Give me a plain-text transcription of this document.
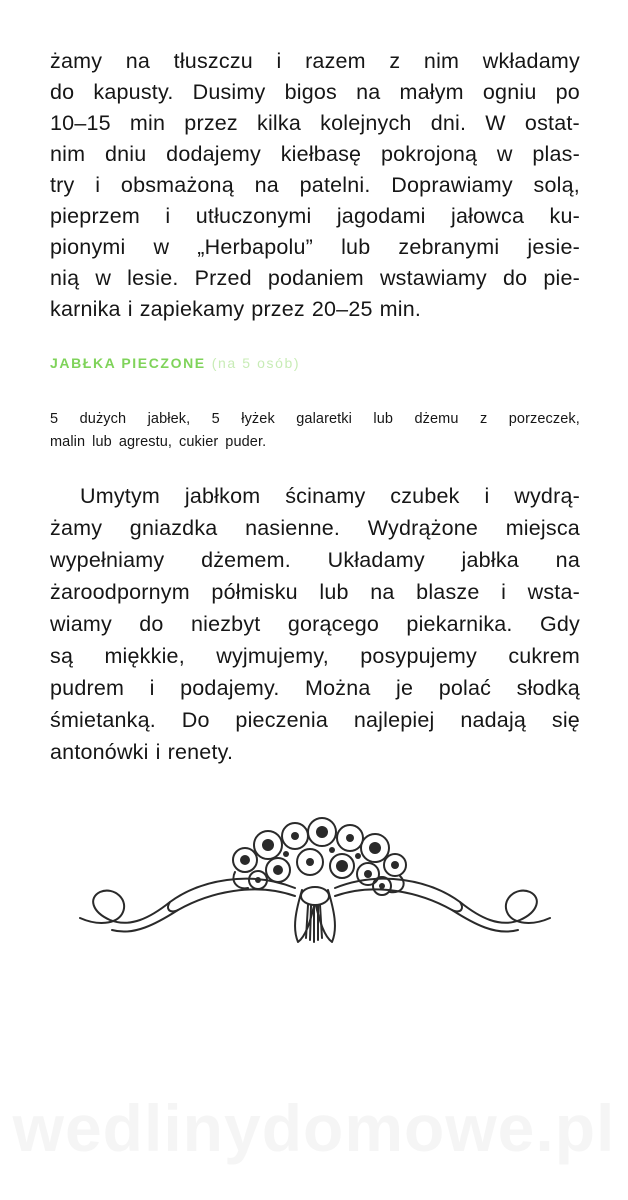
żamy na tłuszczu i razem z nim wkładamy
do kapusty. Dusimy bigos na małym ogniu po
10–15 min przez kilka kolejnych dni. W ostat-
nim dniu dodajemy kiełbasę pokrojoną w plas-
try i obsmażoną na patelni. Doprawiamy solą,
pieprzem i utłuczonymi jagodami jałowca ku-
pionymi w „Herbapolu” lub zebranymi jesie-
nią w lesie. Przed podaniem wstawiamy do pie-
karnika i zapiekamy przez 20–25 min.
JABŁKA PIECZONE (na 5 osób)
5 dużych jabłek, 5 łyżek galaretki lub dżemu z porzeczek,
malin lub agrestu, cukier puder.
Umytym jabłkom ścinamy czubek i wydrą-
żamy gniazdka nasienne. Wydrążone miejsca
wypełniamy dżemem. Układamy jabłka na
żaroodpornym półmisku lub na blasze i wsta-
wiamy do niezbyt gorącego piekarnika. Gdy
są miękkie, wyjmujemy, posypujemy cukrem
pudrem i podajemy. Można je polać słodką
śmietanką. Do pieczenia najlepiej nadają się
antonówki i renety.
wedlinydomowe.pl
